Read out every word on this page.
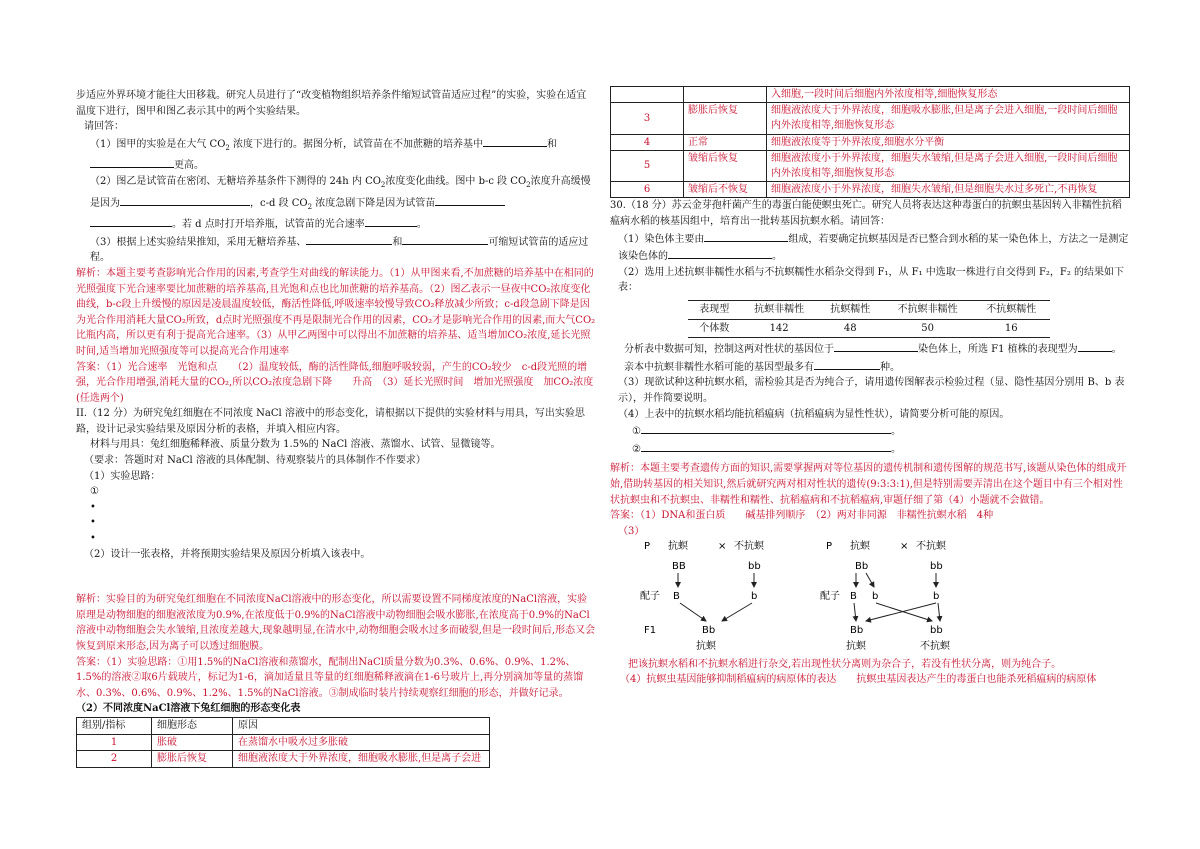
步适应外界环境才能往大田移栽。研究人员进行了“改变植物组织培养条件缩短试管苗适应过程”的实验，实验在适宜温度下进行，图甲和图乙表示其中的两个实验结果。

请回答：

（1）图甲的实验是在大气 $CO_2$ 浓度下进行的。据图分析，试管苗在不加蔗糖的培养基中	和
更高。

（2）图乙是试管苗在密闭、无糖培养基条件下测得的 24h 内 $CO_2$浓度变化曲线。图中 b-c 段 $CO_2$浓度升高缓慢是因为	，c-d 段 $CO_2$ 浓度急剧下降是因为试管苗
。若 d 点时打开培养瓶，试管苗的光合速率	。

（3）根据上述实验结果推知，采用无糖培养基、	和	可缩短试管苗的适应过程。

解析：本题主要考查影响光合作用的因素,考查学生对曲线的解读能力。（1）从甲图来看,不加蔗糖的培养基中在相同的光照强度下光合速率要比加蔗糖的培养基高,且光饱和点也比加蔗糖的培养基高。（2）图乙表示一昼夜中CO₂浓度变化曲线，b-c段上升缓慢的原因是凌晨温度较低，酶活性降低,呼吸速率较慢导致CO₂释放减少所致；c-d段急剧下降是因为光合作用消耗大量CO₂所致，d点时光照强度不再是限制光合作用的因素，CO₂才是影响光合作用的因素,而大气CO₂比瓶内高，所以更有利于提高光合速率。（3）从甲乙两图中可以得出不加蔗糖的培养基、适当增加CO₂浓度,延长光照时间,适当增加光照强度等可以提高光合作用速率

答案：（1）光合速率　光饱和点　　（2）温度较低，酶的活性降低,细胞呼吸较弱，产生的CO₂较少　c-d段光照的增强，光合作用增强,消耗大量的CO₂,所以CO₂浓度急剧下降　　升高　（3）延长光照时间　增加光照强度　加CO₂浓度(任选两个)

II.（12 分）为研究兔红细胞在不同浓度 NaCl 溶液中的形态变化，请根据以下提供的实验材料与用具，写出实验思路，设计记录实验结果及原因分析的表格，并填入相应内容。

材料与用具：兔红细胞稀释液、质量分数为 1.5%的 NaCl 溶液、蒸馏水、试管、显微镜等。

（要求：答题时对 NaCl 溶液的具体配制、待观察装片的具体制作不作要求）

（1）实验思路：

①

•

•

•

（2）设计一张表格，并将预期实验结果及原因分析填入该表中。

解析：实验目的为研究兔红细胞在不同浓度NaCl溶液中的形态变化，所以需要设置不同梯度浓度的NaCl溶液，实验原理是动物细胞的细胞液浓度为0.9%,在浓度低于0.9%的NaCl溶液中动物细胞会吸水膨胀,在浓度高于0.9%的NaCl溶液中动物细胞会失水皱缩,且浓度差越大,现象越明显,在清水中,动物细胞会吸水过多而破裂,但是一段时间后,形态又会恢复到原来形态,因为离子可以透过细胞膜。

答案：（1）实验思路：①用1.5%的NaCl溶液和蒸馏水，配制出NaCl质量分数为0.3%、0.6%、0.9%、1.2%、1.5%的溶液②取6片载玻片，标记为1-6，滴加适量且等量的红细胞稀释液滴在1-6号玻片上,再分别滴加等量的蒸馏水、0.3%、0.6%、0.9%、1.2%、1.5%的NaCl溶液。③制成临时装片持续观察红细胞的形态，并做好记录。

（2）不同浓度NaCl溶液下兔红细胞的形态变化表

组别/指标	细胞形态	原因
1	胀破	在蒸馏水中吸水过多胀破
2	膨胀后恢复	细胞液浓度大于外界浓度，细胞吸水膨胀,但是离子会进
		入细胞,一段时间后细胞内外浓度相等,细胞恢复形态
3	膨胀后恢复	细胞液浓度大于外界浓度，细胞吸水膨胀,但是离子会进入细胞,一段时间后细胞内外浓度相等,细胞恢复形态
4	正常	细胞液浓度等于外界浓度,细胞水分平衡
5	皱缩后恢复	细胞液浓度小于外界浓度，细胞失水皱缩,但是离子会进入细胞,一段时间后细胞内外浓度相等,细胞恢复形态
6	皱缩后不恢复	细胞液浓度小于外界浓度，细胞失水皱缩,但是细胞失水过多死亡,不再恢复

30.（18 分）苏云金芽孢杆菌产生的毒蛋白能使螟虫死亡。研究人员将表达这种毒蛋白的抗螟虫基因转入非糯性抗稻瘟病水稻的核基因组中，培育出一批转基因抗螟水稻。请回答：

（1）染色体主要由	组成，若要确定抗螟基因是否已整合到水稻的某一染色体上，方法之一是测定该染色体的	。

（2）选用上述抗螟非糯性水稻与不抗螟糯性水稻杂交得到 F₁，从 F₁ 中选取一株进行自交得到 F₂，F₂ 的结果如下表：

表现型	抗螟非糯性	抗螟糯性	不抗螟非糯性	不抗螟糯性
个体数	142	48	50	16

分析表中数据可知，控制这两对性状的基因位于	染色体上，所选 F1 植株的表现型为	。亲本中抗螟非糯性水稻可能的基因型最多有	种。

（3）现欲试种这种抗螟水稻，需检验其是否为纯合子，请用遗传图解表示检验过程（显、隐性基因分别用 B、b 表示），并作简要说明。

（4）上表中的抗螟水稻均能抗稻瘟病（抗稻瘟病为显性性状），请简要分析可能的原因。

①	。

②	。

解析：本题主要考查遗传方面的知识,需要掌握两对等位基因的遗传机制和遗传图解的规范书写,该题从染色体的组成开始,借助转基因的相关知识,然后就研究两对相对性状的遗传(9:3:3:1),但是特别需要弄清出在这个题目中有三个相对性状抗螟虫和不抗螟虫、非糯性和糯性、抗稻瘟病和不抗稻瘟病,审题仔细了第（4）小题就不会做错。

答案：（1）DNA和蛋白质　　碱基排列顺序　（2）两对非同源　非糯性抗螟水稻　4种

（3）

P 抗螟	× 不抗螟
BB	bb
配子 B	b
F1	Bb
抗螟
P 抗螟	× 不抗螟
Bb	bb
配子 B b	b
Bb	bb
抗螟	不抗螟

把该抗螟水稻和不抗螟水稻进行杂交,若出现性状分离则为杂合子，若没有性状分离，则为纯合子。

（4）抗螟虫基因能够抑制稻瘟病的病原体的表达　　抗螟虫基因表达产生的毒蛋白也能杀死稻瘟病的病原体
